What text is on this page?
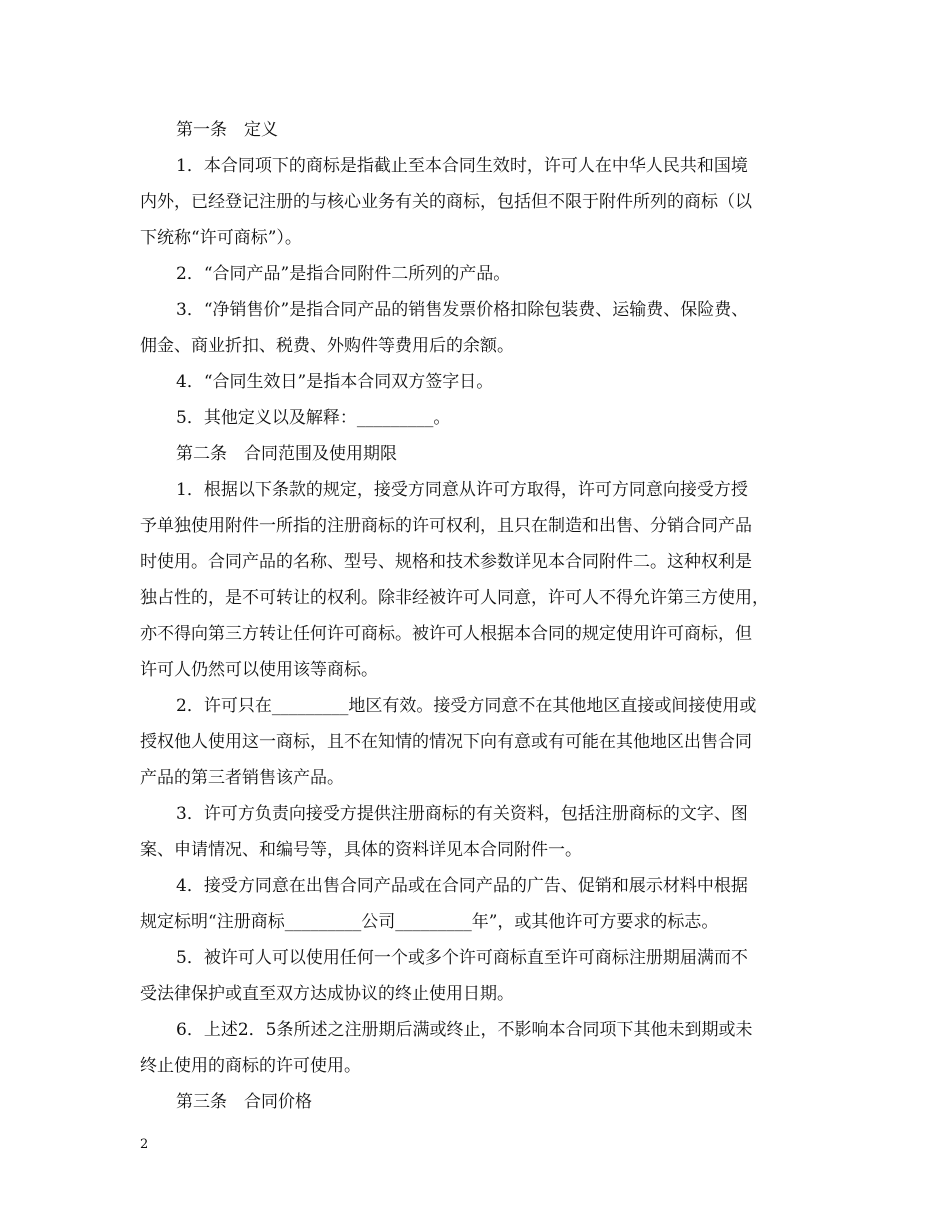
第一条　定义

1．本合同项下的商标是指截止至本合同生效时，许可人在中华人民共和国境

内外，已经登记注册的与核心业务有关的商标，包括但不限于附件所列的商标（以

下统称“许可商标”）。

2．“合同产品”是指合同附件二所列的产品。

3．“净销售价”是指合同产品的销售发票价格扣除包装费、运输费、保险费、

佣金、商业折扣、税费、外购件等费用后的余额。

4．“合同生效日”是指本合同双方签字日。

5．其他定义以及解释：_________。

第二条　合同范围及使用期限

1．根据以下条款的规定，接受方同意从许可方取得，许可方同意向接受方授

予单独使用附件一所指的注册商标的许可权利，且只在制造和出售、分销合同产品

时使用。合同产品的名称、型号、规格和技术参数详见本合同附件二。这种权利是

独占性的，是不可转让的权利。除非经被许可人同意，许可人不得允许第三方使用，

亦不得向第三方转让任何许可商标。被许可人根据本合同的规定使用许可商标，但

许可人仍然可以使用该等商标。

2．许可只在_________地区有效。接受方同意不在其他地区直接或间接使用或

授权他人使用这一商标，且不在知情的情况下向有意或有可能在其他地区出售合同

产品的第三者销售该产品。

3．许可方负责向接受方提供注册商标的有关资料，包括注册商标的文字、图

案、申请情况、和编号等，具体的资料详见本合同附件一。

4．接受方同意在出售合同产品或在合同产品的广告、促销和展示材料中根据

规定标明“注册商标_________公司_________年”，或其他许可方要求的标志。

5．被许可人可以使用任何一个或多个许可商标直至许可商标注册期届满而不

受法律保护或直至双方达成协议的终止使用日期。

6．上述2．5条所述之注册期后满或终止，不影响本合同项下其他未到期或未

终止使用的商标的许可使用。

第三条　合同价格

2
